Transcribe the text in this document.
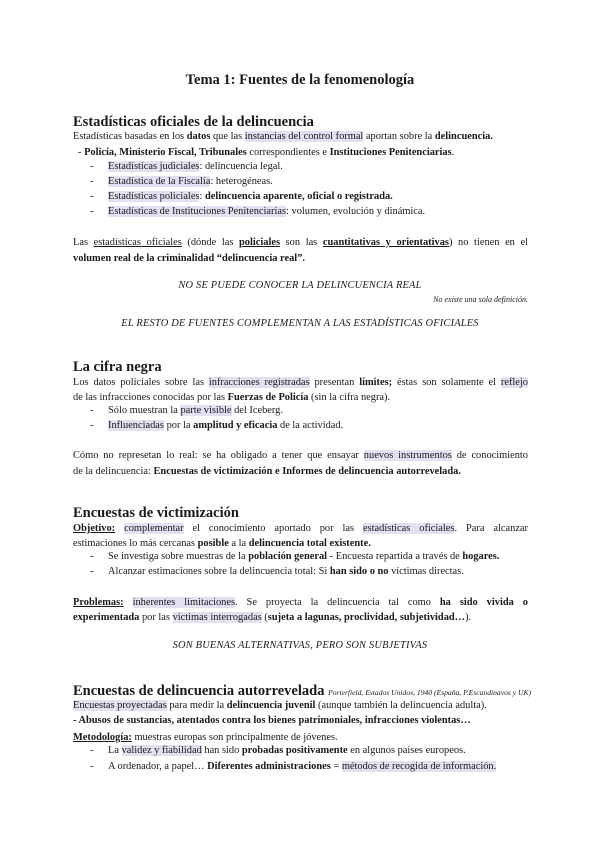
Tema 1: Fuentes de la fenomenología
Estadísticas oficiales de la delincuencia
Estadísticas basadas en los datos que las instancias del control formal aportan sobre la delincuencia.
- Policía, Ministerio Fiscal, Tribunales correspondientes e Instituciones Penitenciarias.
- Estadísticas judiciales: delincuencia legal.
- Estadística de la Fiscalía: heterogéneas.
- Estadísticas policiales: delincuencia aparente, oficial o registrada.
- Estadísticas de Instituciones Penitenciarias: volumen, evolución y dinámica.
Las estadísticas oficiales (dónde las policiales son las cuantitativas y orientativas) no tienen en el
volumen real de la criminalidad “delincuencia real”.
NO SE PUEDE CONOCER LA DELINCUENCIA REAL
No existe una sola definición.
EL RESTO DE FUENTES COMPLEMENTAN A LAS ESTADÍSTICAS OFICIALES
La cifra negra
Los datos policiales sobre las infracciones registradas presentan límites; éstas son solamente el reflejo
de las infracciones conocidas por las Fuerzas de Policía (sin la cifra negra).
- Sólo muestran la parte visible del Iceberg.
- Influenciadas por la amplitud y eficacia de la actividad.
Cómo no represetan lo real: se ha obligado a tener que ensayar nuevos instrumentos de conocimiento
de la delincuencia: Encuestas de victimización e Informes de delincuencia autorrevelada.
Encuestas de victimización
Objetivo: complementar el conocimiento aportado por las estadísticas oficiales. Para alcanzar
estimaciones lo más cercanas posible a la delincuencia total existente.
- Se investiga sobre muestras de la población general - Encuesta repartida a través de hogares.
- Alcanzar estimaciones sobre la delincuencia total: Si han sido o no víctimas directas.
Problemas: inherentes limitaciones. Se proyecta la delincuencia tal como ha sido vivida o
experimentada por las víctimas interrogadas (sujeta a lagunas, proclividad, subjetividad…).
SON BUENAS ALTERNATIVAS, PERO SON SUBJETIVAS
Encuestas de delincuencia autorrevelada Porterfield, Estados Unidos, 1940 (España, P.Escandinavos y UK)
Encuestas proyectadas para medir la delincuencia juvenil (aunque también la delincuencia adulta).
- Abusos de sustancias, atentados contra los bienes patrimoniales, infracciones violentas…
Metodología: muestras europas son principalmente de jóvenes.
- La validez y fiabilidad han sido probadas positivamente en algunos países europeos.
- A ordenador, a papel… Diferentes administraciones = métodos de recogida de información.
